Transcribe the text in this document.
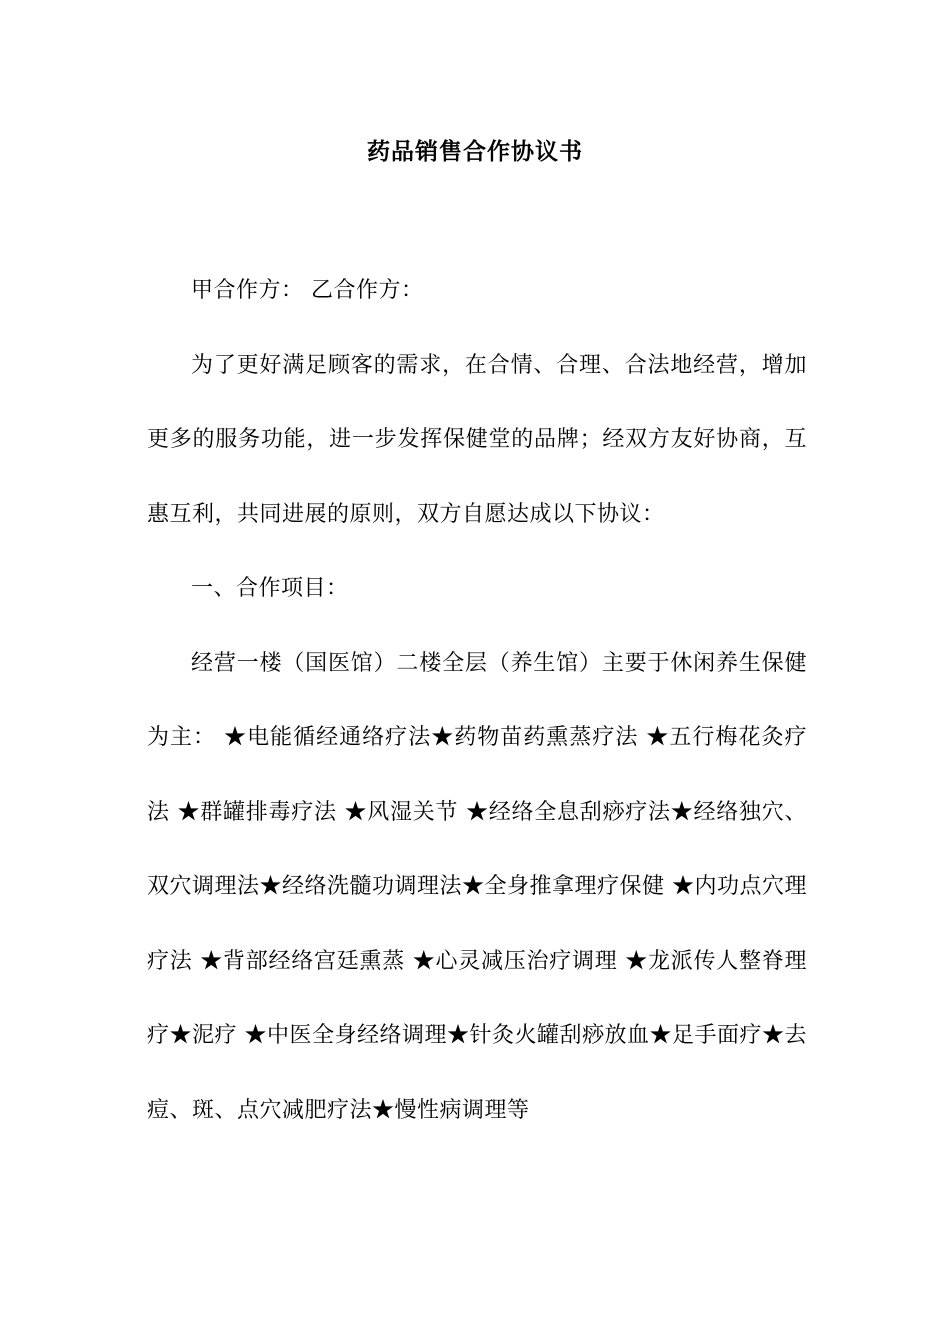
药品销售合作协议书

甲合作方： 乙合作方：

为了更好满足顾客的需求，在合情、合理、合法地经营，增加更多的服务功能，进一步发挥保健堂的品牌；经双方友好协商，互惠互利，共同进展的原则，双方自愿达成以下协议：

一、合作项目：

经营一楼（国医馆）二楼全层（养生馆）主要于休闲养生保健为主： ★电能循经通络疗法★药物苗药熏蒸疗法 ★五行梅花灸疗法 ★群罐排毒疗法 ★风湿关节 ★经络全息刮痧疗法★经络独穴、双穴调理法★经络洗髓功调理法★全身推拿理疗保健 ★内功点穴理疗法 ★背部经络宫廷熏蒸 ★心灵减压治疗调理 ★龙派传人整脊理疗★泥疗 ★中医全身经络调理★针灸火罐刮痧放血★足手面疗★去痘、斑、点穴减肥疗法★慢性病调理等
